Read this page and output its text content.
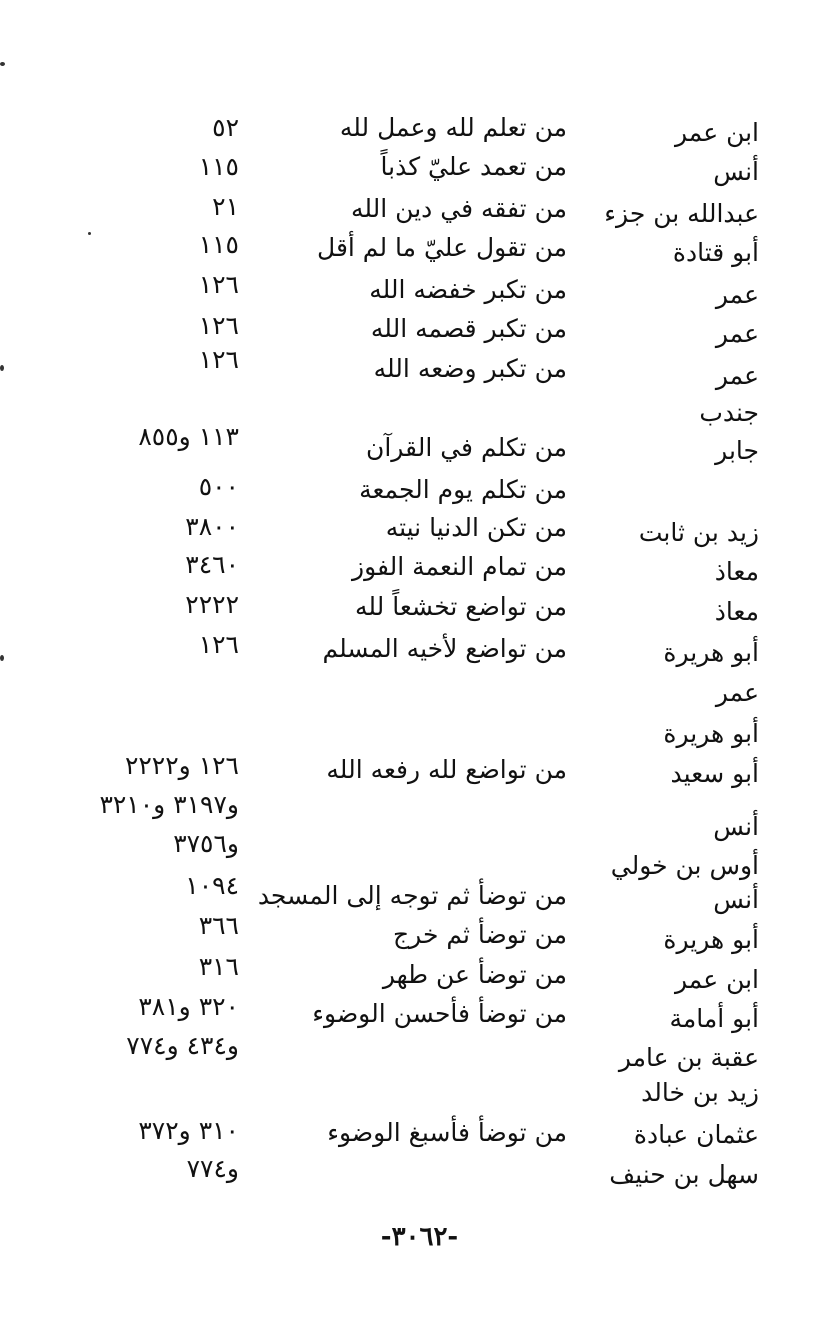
ابن عمر
من تعلم لله وعمل لله
٥٢
أنس
من تعمد عليّ كذباً
١١٥
عبدالله بن جزء
من تفقه في دين الله
٢١
أبو قتادة
من تقول عليّ ما لم أقل
١١٥
عمر
من تكبر خفضه الله
١٢٦
عمر
من تكبر قصمه الله
١٢٦
عمر
من تكبر وضعه الله
١٢٦
جندب
١١٣ و٨٥٥	جابر
من تكلم في القرآن
من تكلم يوم الجمعة
٥٠٠
زيد بن ثابت
من تكن الدنيا نيته
٣٨٠٠
معاذ
من تمام النعمة الفوز
٣٤٦٠
معاذ
من تواضع تخشعاً لله
٢٢٢٢
أبو هريرة
من تواضع لأخيه المسلم
١٢٦
عمر
أبو هريرة
أبو سعيد
من تواضع لله رفعه الله
١٢٦ و٢٢٢٢
و٣١٩٧ و٣٢١٠
أنس
و٣٧٥٦
أوس بن خولي
أنس
من توضأ ثم توجه إلى المسجد
١٠٩٤
أبو هريرة
من توضأ ثم خرج
٣٦٦
ابن عمر
من توضأ عن طهر
٣١٦
أبو أمامة
من توضأ فأحسن الوضوء
٣٢٠ و٣٨١
عقبة بن عامر
و٤٣٤ و٧٧٤
زيد بن خالد
عثمان عبادة
من توضأ فأسبغ الوضوء
٣١٠ و٣٧٢
سهل بن حنيف
و٧٧٤
-٣٠٦٢-
